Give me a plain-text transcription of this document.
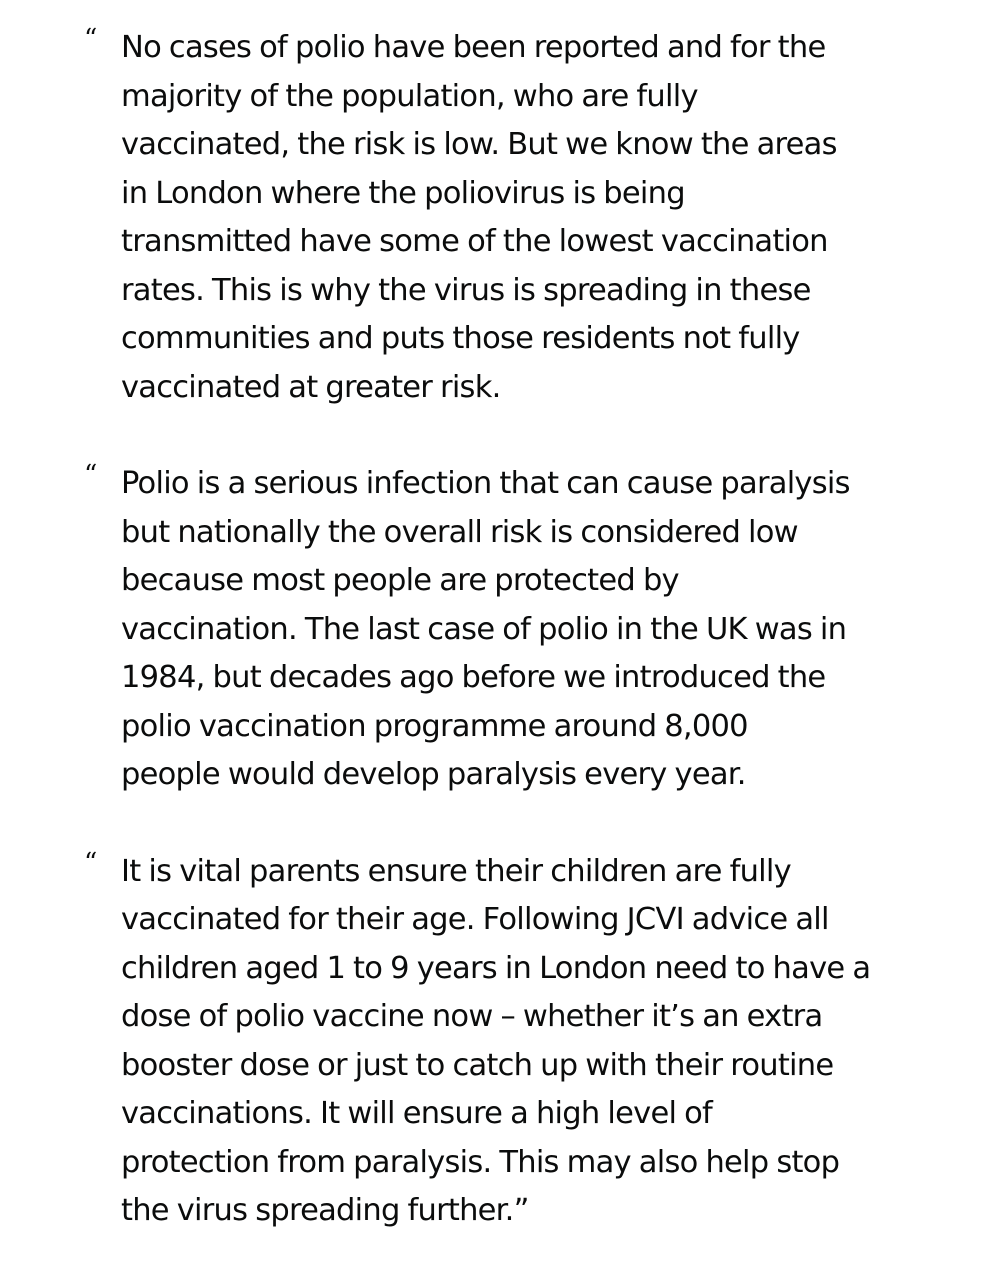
“ No cases of polio have been reported and for the
majority of the population, who are fully
vaccinated, the risk is low. But we know the areas
in London where the poliovirus is being
transmitted have some of the lowest vaccination
rates. This is why the virus is spreading in these
communities and puts those residents not fully
vaccinated at greater risk.

“ Polio is a serious infection that can cause paralysis
but nationally the overall risk is considered low
because most people are protected by
vaccination. The last case of polio in the UK was in
1984, but decades ago before we introduced the
polio vaccination programme around 8,000
people would develop paralysis every year.

“ It is vital parents ensure their children are fully
vaccinated for their age. Following JCVI advice all
children aged 1 to 9 years in London need to have a
dose of polio vaccine now – whether it’s an extra
booster dose or just to catch up with their routine
vaccinations. It will ensure a high level of
protection from paralysis. This may also help stop
the virus spreading further.”
